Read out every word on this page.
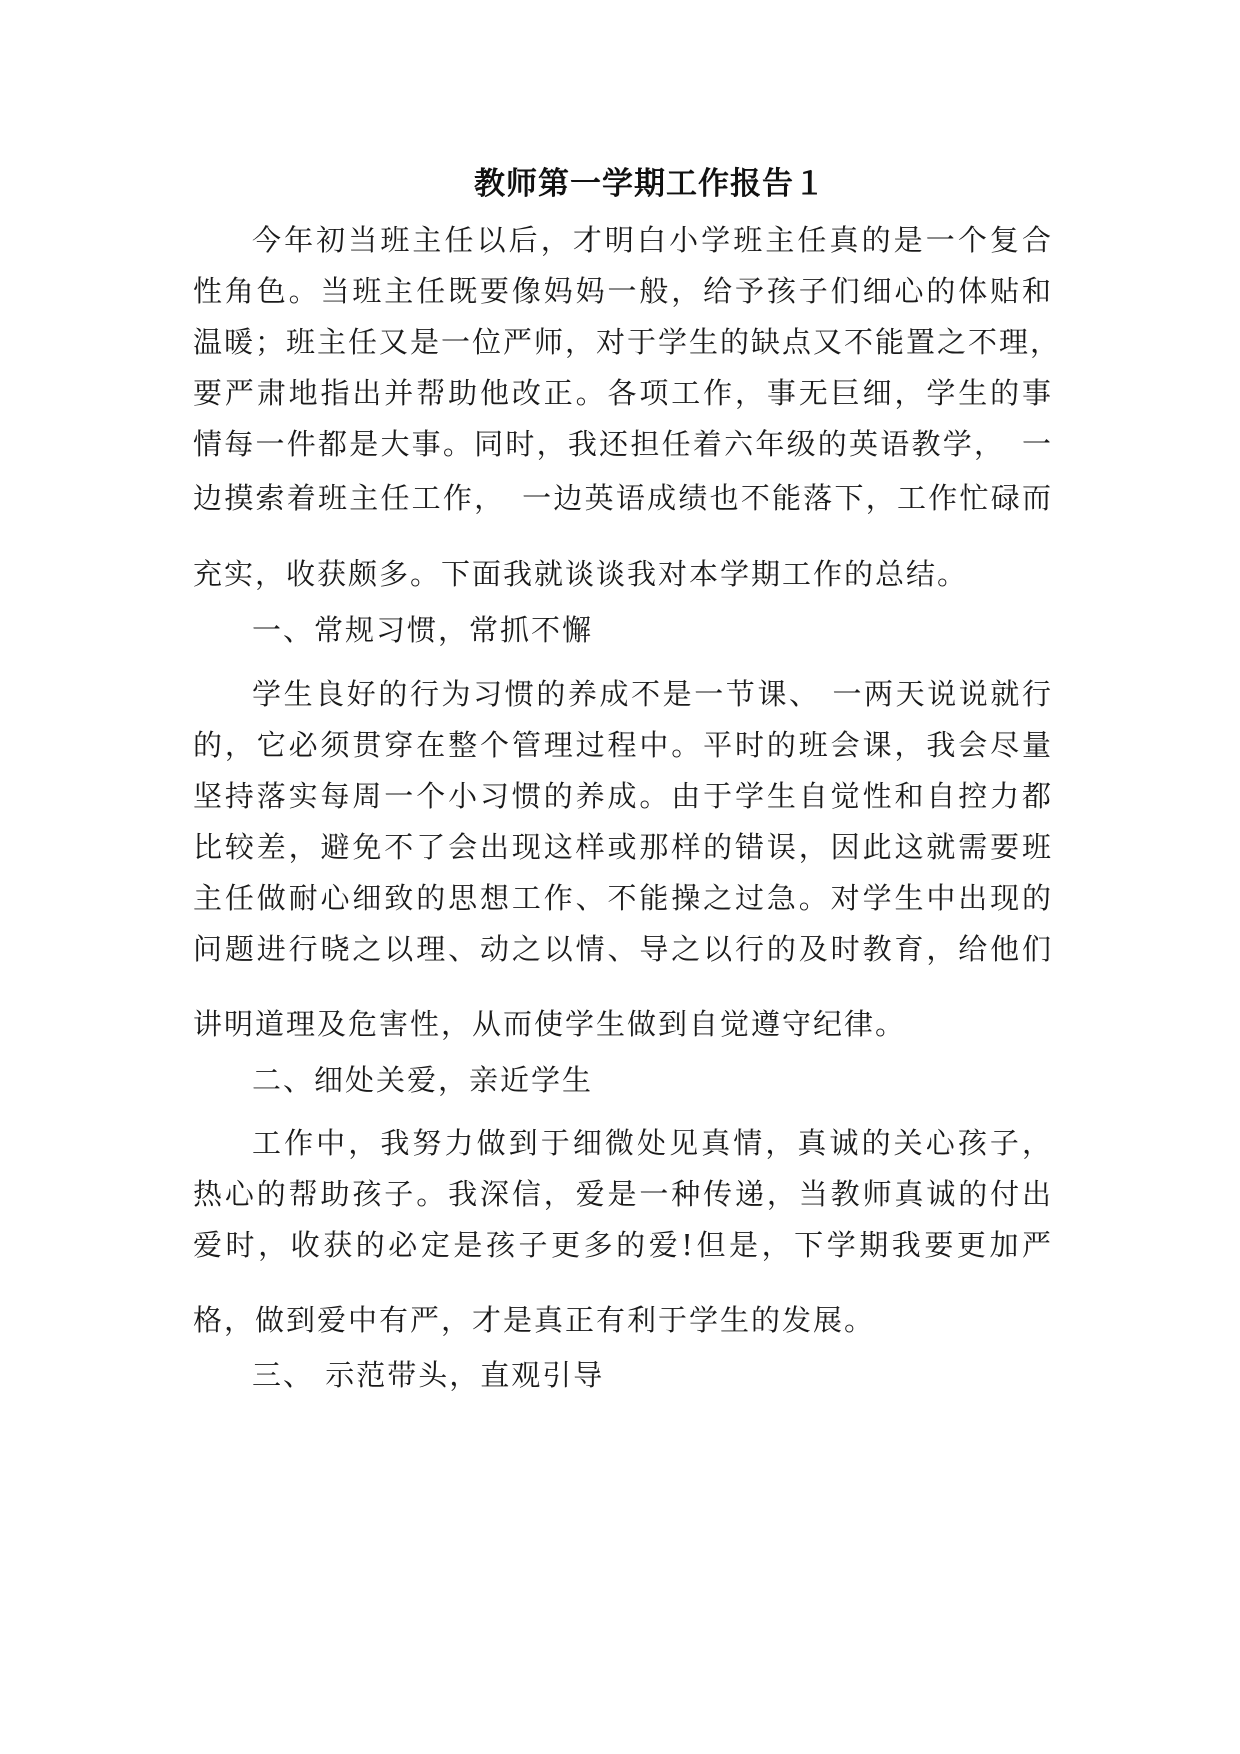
教师第一学期工作报告１
今年初当班主任以后，才明白小学班主任真的是一个复合
性角色。当班主任既要像妈妈一般，给予孩子们细心的体贴和
温暖；班主任又是一位严师，对于学生的缺点又不能置之不理，
要严肃地指出并帮助他改正。各项工作，事无巨细，学生的事
情每一件都是大事。同时，我还担任着六年级的英语教学，　一
边摸索着班主任工作，　一边英语成绩也不能落下，工作忙碌而
充实，收获颇多。下面我就谈谈我对本学期工作的总结。
一、常规习惯，常抓不懈
学生良好的行为习惯的养成不是一节课、 一两天说说就行
的，它必须贯穿在整个管理过程中。平时的班会课，我会尽量
坚持落实每周一个小习惯的养成。由于学生自觉性和自控力都
比较差，避免不了会出现这样或那样的错误，因此这就需要班
主任做耐心细致的思想工作、不能操之过急。对学生中出现的
问题进行晓之以理、动之以情、导之以行的及时教育，给他们
讲明道理及危害性，从而使学生做到自觉遵守纪律。
二、细处关爱，亲近学生
工作中，我努力做到于细微处见真情，真诚的关心孩子，
热心的帮助孩子。我深信，爱是一种传递，当教师真诚的付出
爱时，收获的必定是孩子更多的爱!但是，下学期我要更加严
格，做到爱中有严，才是真正有利于学生的发展。
三、 示范带头，直观引导
